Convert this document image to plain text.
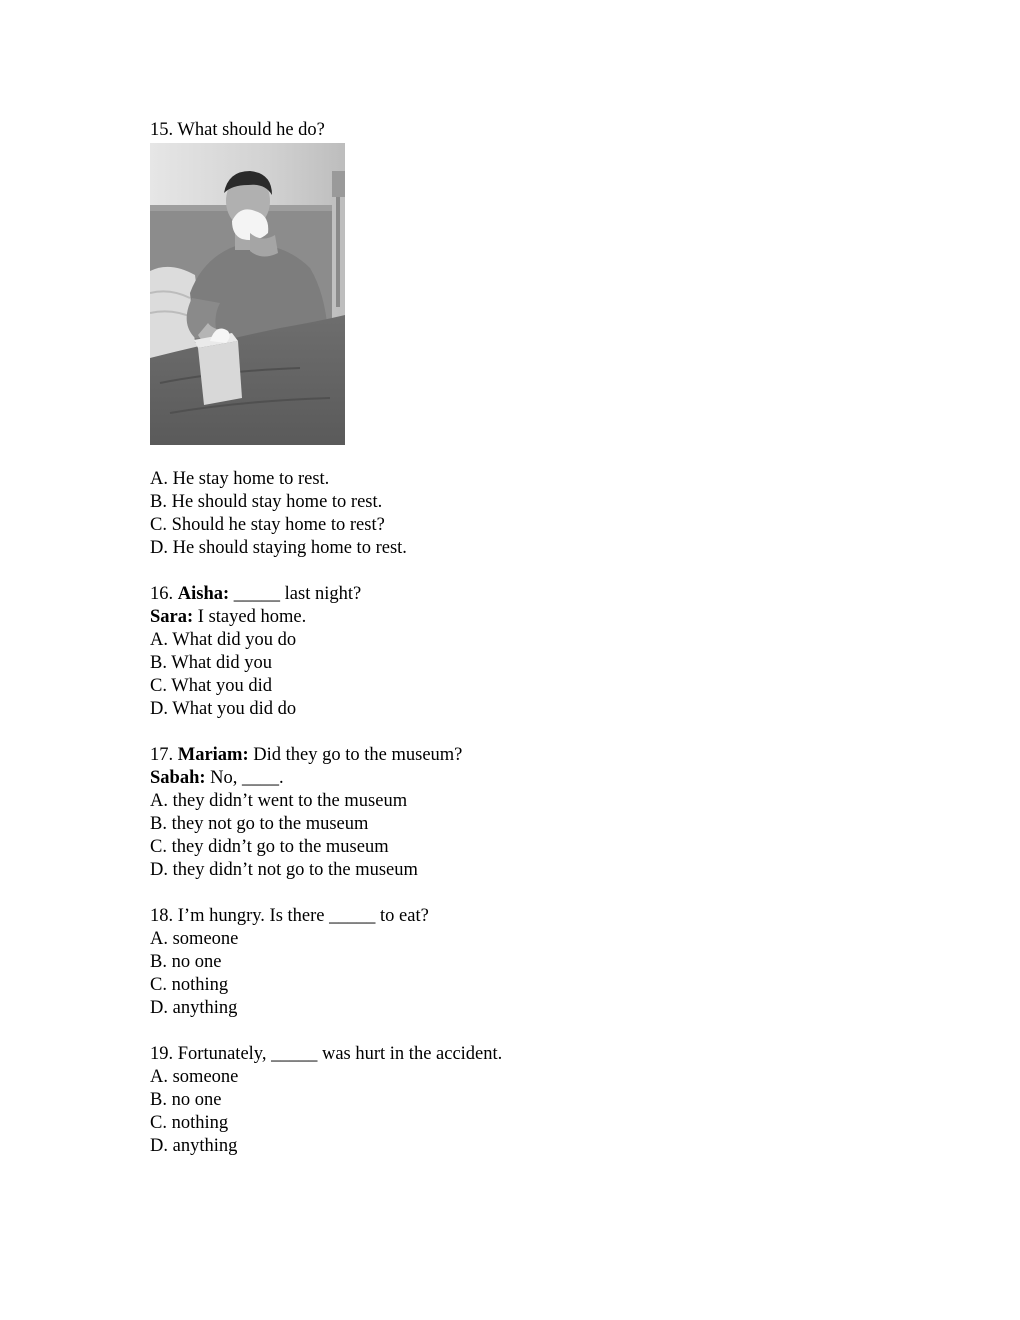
15. What should he do?
A. He stay home to rest.
B. He should stay home to rest.
C. Should he stay home to rest?
D. He should staying home to rest.
16. Aisha: _____ last night?
Sara: I stayed home.
A. What did you do
B. What did you
C. What you did
D. What you did do
17. Mariam: Did they go to the museum?
Sabah: No, ____.
A. they didn’t went to the museum
B. they not go to the museum
C. they didn’t go to the museum
D. they didn’t not go to the museum
18. I’m hungry. Is there _____ to eat?
A. someone
B. no one
C. nothing
D. anything
19. Fortunately, _____ was hurt in the accident.
A. someone
B. no one
C. nothing
D. anything
